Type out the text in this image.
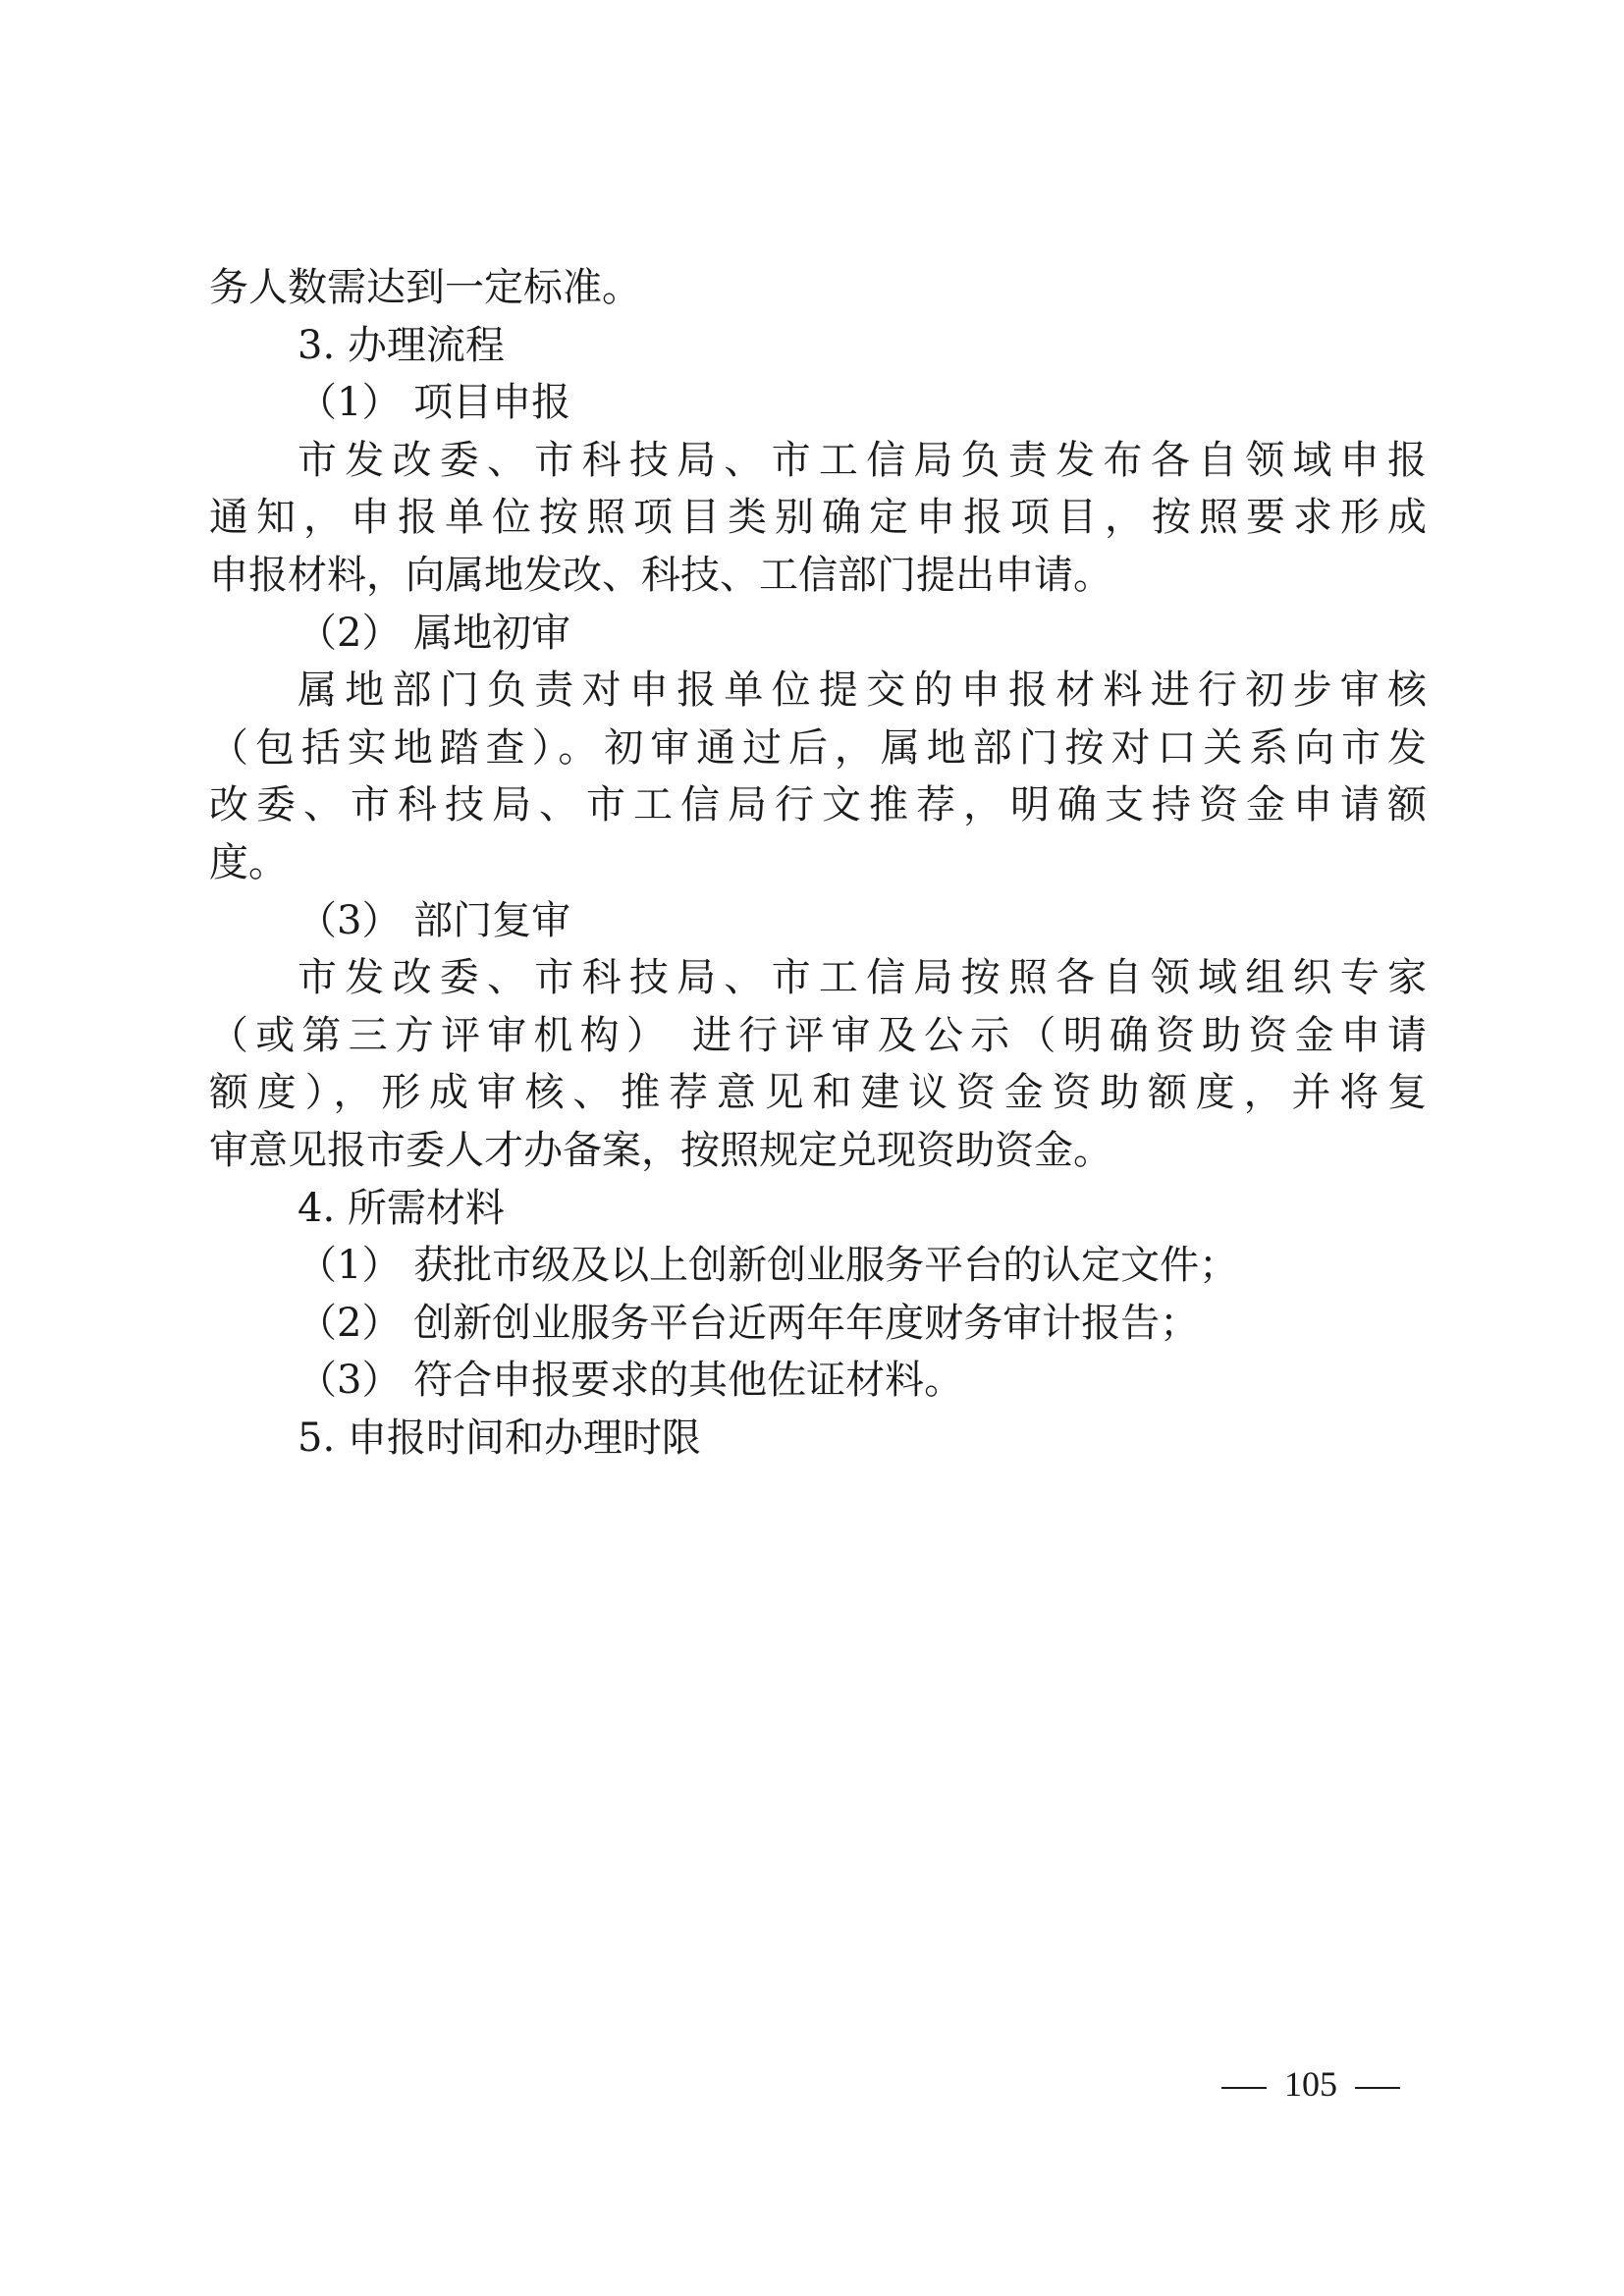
务人数需达到一定标准。
3. 办理流程
（1） 项目申报
市发改委、市科技局、市工信局负责发布各自领域申报
通知，申报单位按照项目类别确定申报项目，按照要求形成
申报材料，向属地发改、科技、工信部门提出申请。
（2） 属地初审
属地部门负责对申报单位提交的申报材料进行初步审核
（包括实地踏查）。初审通过后，属地部门按对口关系向市发
改委、市科技局、市工信局行文推荐，明确支持资金申请额
度。
（3） 部门复审
市发改委、市科技局、市工信局按照各自领域组织专家
（或第三方评审机构） 进行评审及公示（明确资助资金申请
额度），形成审核、推荐意见和建议资金资助额度，并将复
审意见报市委人才办备案，按照规定兑现资助资金。
4. 所需材料
（1） 获批市级及以上创新创业服务平台的认定文件；
（2） 创新创业服务平台近两年年度财务审计报告；
（3） 符合申报要求的其他佐证材料。
5. 申报时间和办理时限
105
